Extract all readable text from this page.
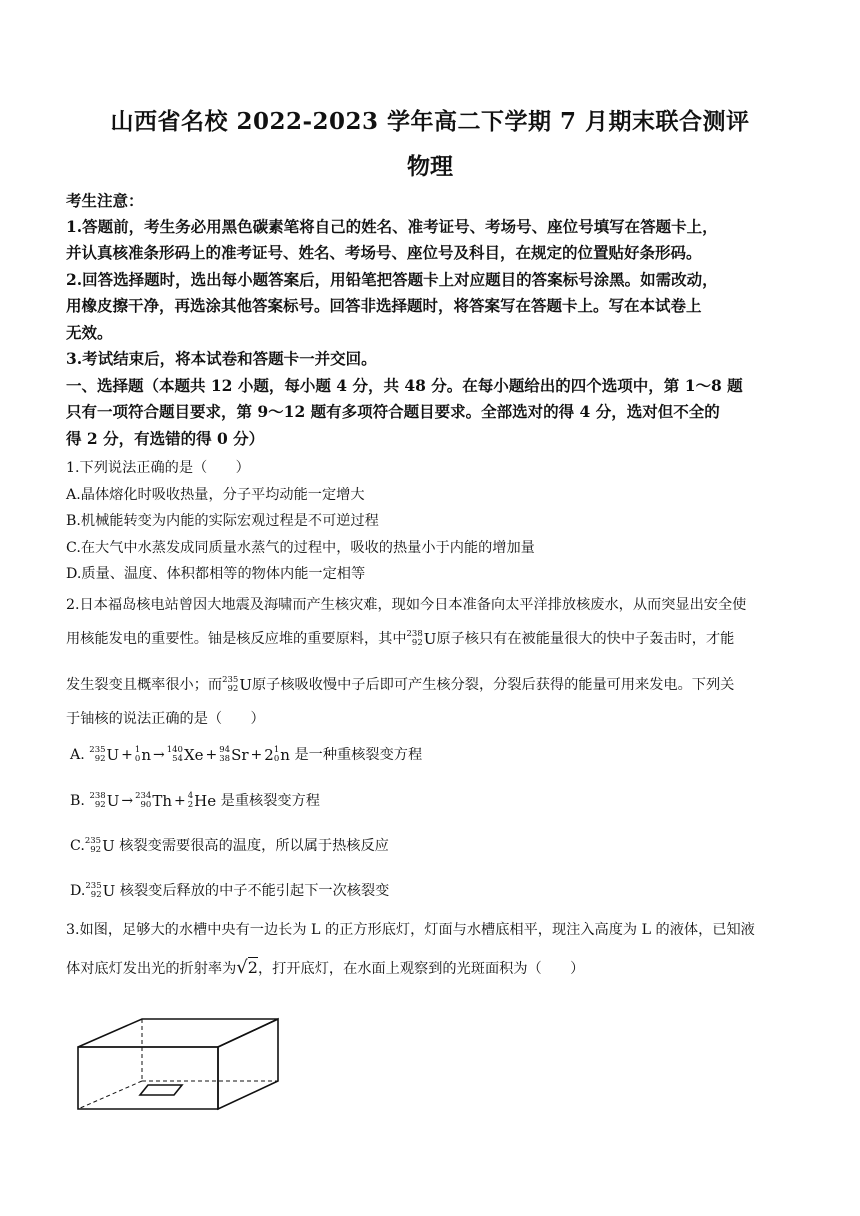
山西省名校 2022-2023 学年高二下学期 7 月期末联合测评
物理
考生注意：
1.答题前，考生务必用黑色碳素笔将自己的姓名、准考证号、考场号、座位号填写在答题卡上，
并认真核准条形码上的准考证号、姓名、考场号、座位号及科目，在规定的位置贴好条形码。
2.回答选择题时，选出每小题答案后，用铅笔把答题卡上对应题目的答案标号涂黑。如需改动，
用橡皮擦干净，再选涂其他答案标号。回答非选择题时，将答案写在答题卡上。写在本试卷上
无效。
3.考试结束后，将本试卷和答题卡一并交回。
一、选择题（本题共 12 小题，每小题 4 分，共 48 分。在每小题给出的四个选项中，第 1～8 题
只有一项符合题目要求，第 9～12 题有多项符合题目要求。全部选对的得 4 分，选对但不全的
得 2 分，有选错的得 0 分）
1.下列说法正确的是（　　）
A.晶体熔化时吸收热量，分子平均动能一定增大
B.机械能转变为内能的实际宏观过程是不可逆过程
C.在大气中水蒸发成同质量水蒸气的过程中，吸收的热量小于内能的增加量
D.质量、温度、体积都相等的物体内能一定相等
2.日本福岛核电站曾因大地震及海啸而产生核灾难，现如今日本准备向太平洋排放核废水，从而突显出安全使
用核能发电的重要性。铀是核反应堆的重要原料，其中 238
92 U原子核只有在被能量很大的快中子轰击时，才能
发生裂变且概率很小；而 235
92 U原子核吸收慢中子后即可产生核分裂，分裂后获得的能量可用来发电。下列关
于铀核的说法正确的是（　　）
A. 235
92 U + 1
0 n → 140
54 Xe + 94
38 Sr + 2 1
0 n 是一种重核裂变方程
B. 238
92 U → 234
90 Th + 4
2 He 是重核裂变方程
C. 235
92 U 核裂变需要很高的温度，所以属于热核反应
D. 235
92 U 核裂变后释放的中子不能引起下一次核裂变
3.如图，足够大的水槽中央有一边长为 L 的正方形底灯，灯面与水槽底相平，现注入高度为 L 的液体，已知液
体对底灯发出光的折射率为√2，打开底灯，在水面上观察到的光斑面积为（　　）
